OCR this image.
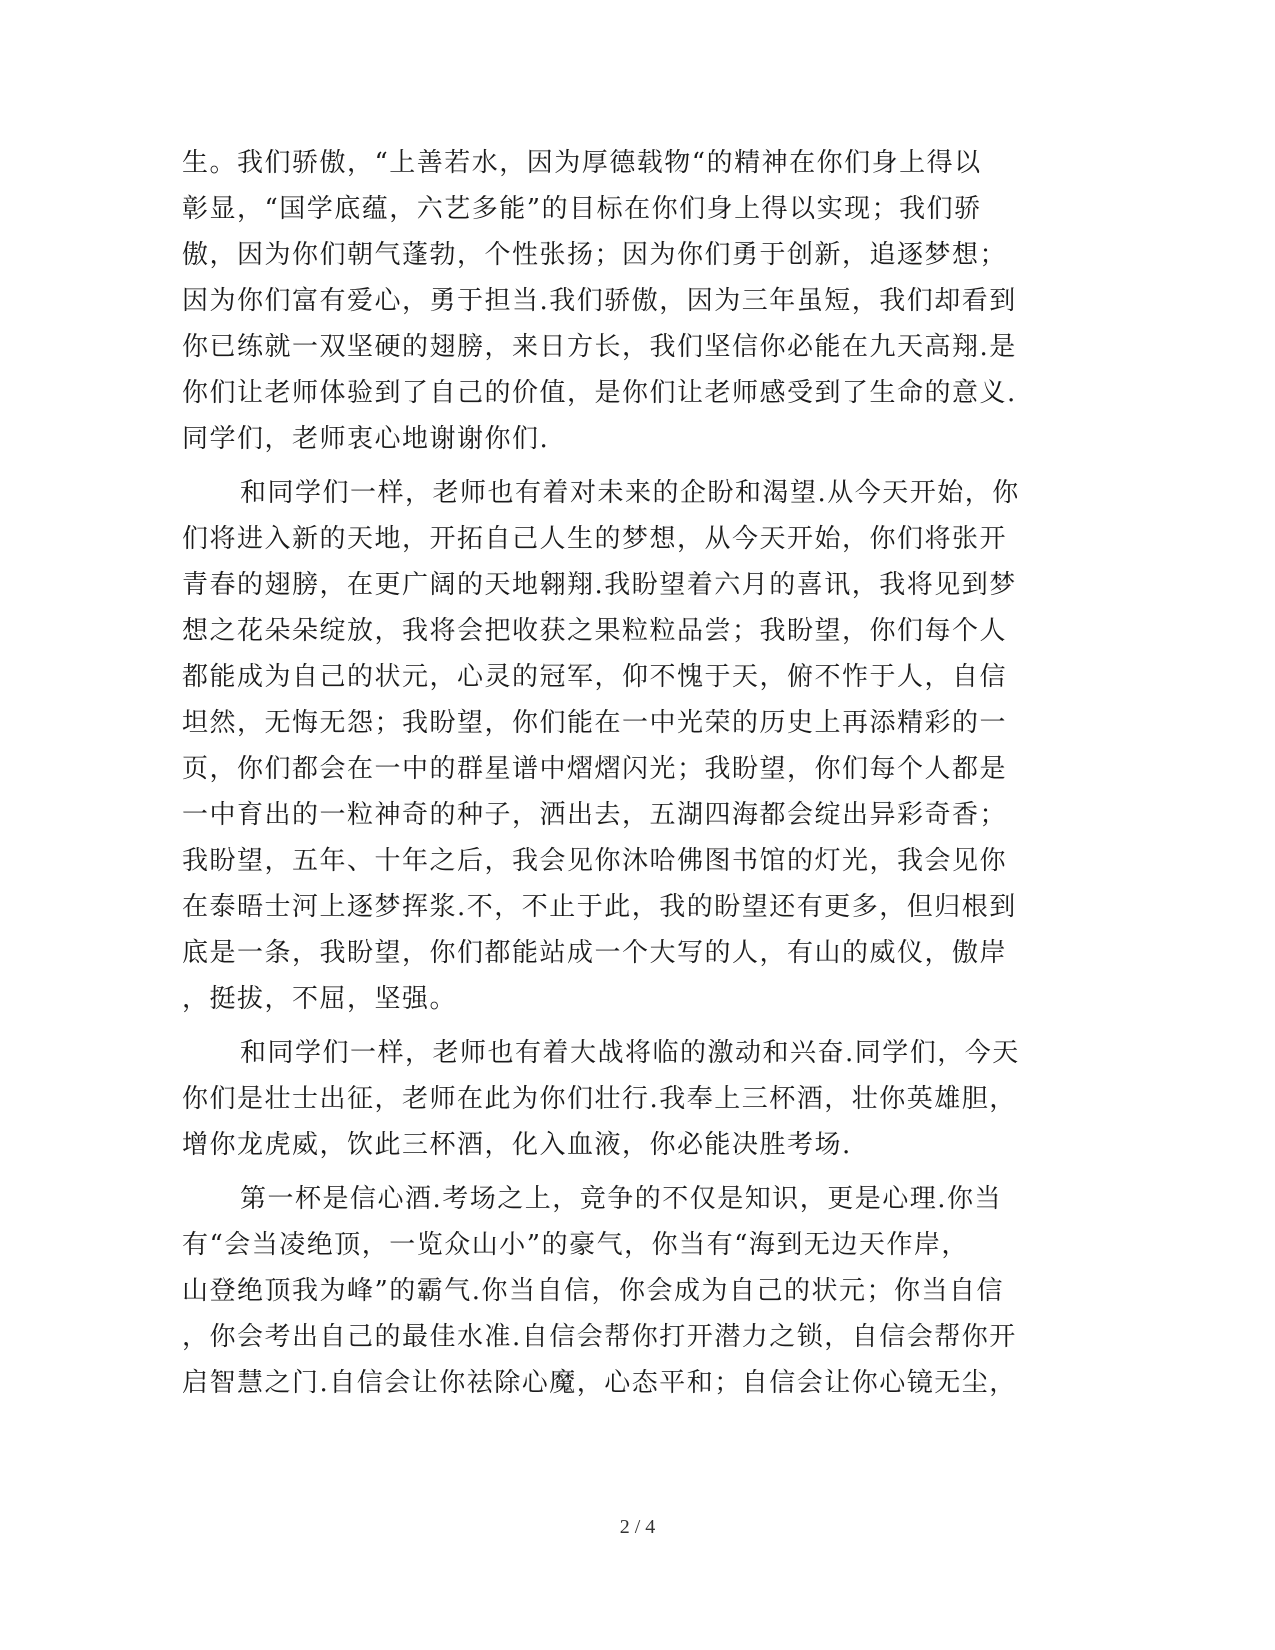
生。我们骄傲，“上善若水，因为厚德载物“的精神在你们身上得以
彰显，“国学底蕴，六艺多能”的目标在你们身上得以实现；我们骄
傲，因为你们朝气蓬勃，个性张扬；因为你们勇于创新，追逐梦想；
因为你们富有爱心，勇于担当.我们骄傲，因为三年虽短，我们却看到
你已练就一双坚硬的翅膀，来日方长，我们坚信你必能在九天高翔.是
你们让老师体验到了自己的价值，是你们让老师感受到了生命的意义.
同学们，老师衷心地谢谢你们.

和同学们一样，老师也有着对未来的企盼和渴望.从今天开始，你
们将进入新的天地，开拓自己人生的梦想，从今天开始，你们将张开
青春的翅膀，在更广阔的天地翱翔.我盼望着六月的喜讯，我将见到梦
想之花朵朵绽放，我将会把收获之果粒粒品尝；我盼望，你们每个人
都能成为自己的状元，心灵的冠军，仰不愧于天，俯不怍于人，自信
坦然，无悔无怨；我盼望，你们能在一中光荣的历史上再添精彩的一
页，你们都会在一中的群星谱中熠熠闪光；我盼望，你们每个人都是
一中育出的一粒神奇的种子，洒出去，五湖四海都会绽出异彩奇香；
我盼望，五年、十年之后，我会见你沐哈佛图书馆的灯光，我会见你
在泰晤士河上逐梦挥浆.不，不止于此，我的盼望还有更多，但归根到
底是一条，我盼望，你们都能站成一个大写的人，有山的威仪，傲岸
，挺拔，不屈，坚强。

和同学们一样，老师也有着大战将临的激动和兴奋.同学们，今天
你们是壮士出征，老师在此为你们壮行.我奉上三杯酒，壮你英雄胆，
增你龙虎威，饮此三杯酒，化入血液，你必能决胜考场.

第一杯是信心酒.考场之上，竞争的不仅是知识，更是心理.你当
有“会当凌绝顶，一览众山小”的豪气，你当有“海到无边天作岸，
山登绝顶我为峰”的霸气.你当自信，你会成为自己的状元；你当自信
，你会考出自己的最佳水准.自信会帮你打开潜力之锁，自信会帮你开
启智慧之门.自信会让你祛除心魔，心态平和；自信会让你心镜无尘，

2 / 4
